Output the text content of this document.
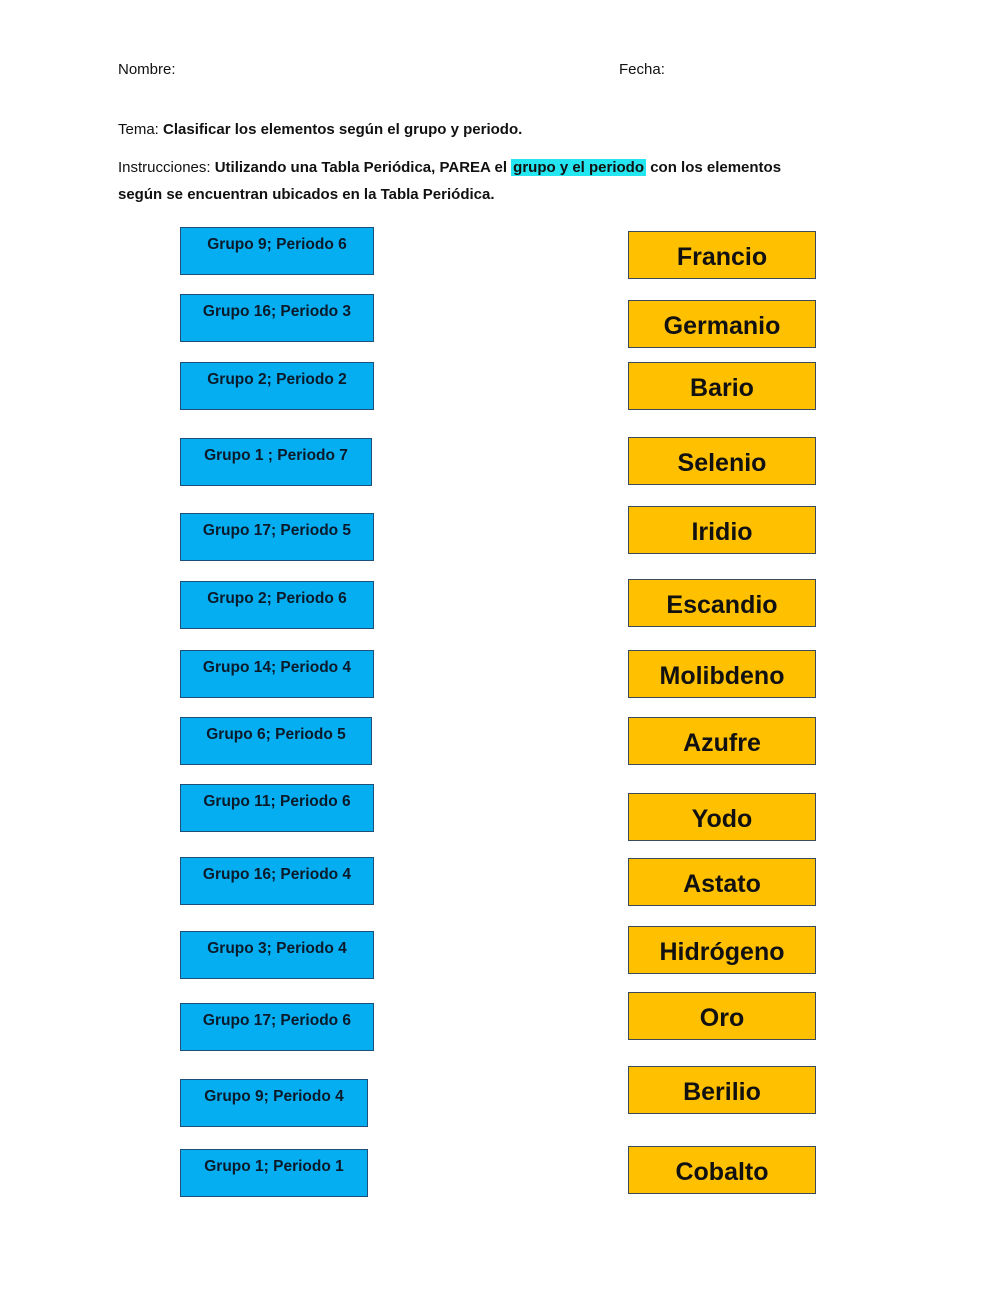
Nombre:	Fecha:
Tema: Clasificar los elementos según el grupo y periodo.
Instrucciones: Utilizando una Tabla Periódica, PAREA el grupo y el periodo con los elementos
según se encuentran ubicados en la Tabla Periódica.
Grupo 9; Periodo 6
Grupo 16; Periodo 3
Grupo 2; Periodo 2
Grupo 1 ; Periodo 7
Grupo 17; Periodo 5
Grupo 2; Periodo 6
Grupo 14; Periodo 4
Grupo 6; Periodo 5
Grupo 11; Periodo 6
Grupo 16; Periodo 4
Grupo 3; Periodo 4
Grupo 17; Periodo 6
Grupo 9; Periodo 4
Grupo 1; Periodo 1
Francio
Germanio
Bario
Selenio
Iridio
Escandio
Molibdeno
Azufre
Yodo
Astato
Hidrógeno
Oro
Berilio
Cobalto
